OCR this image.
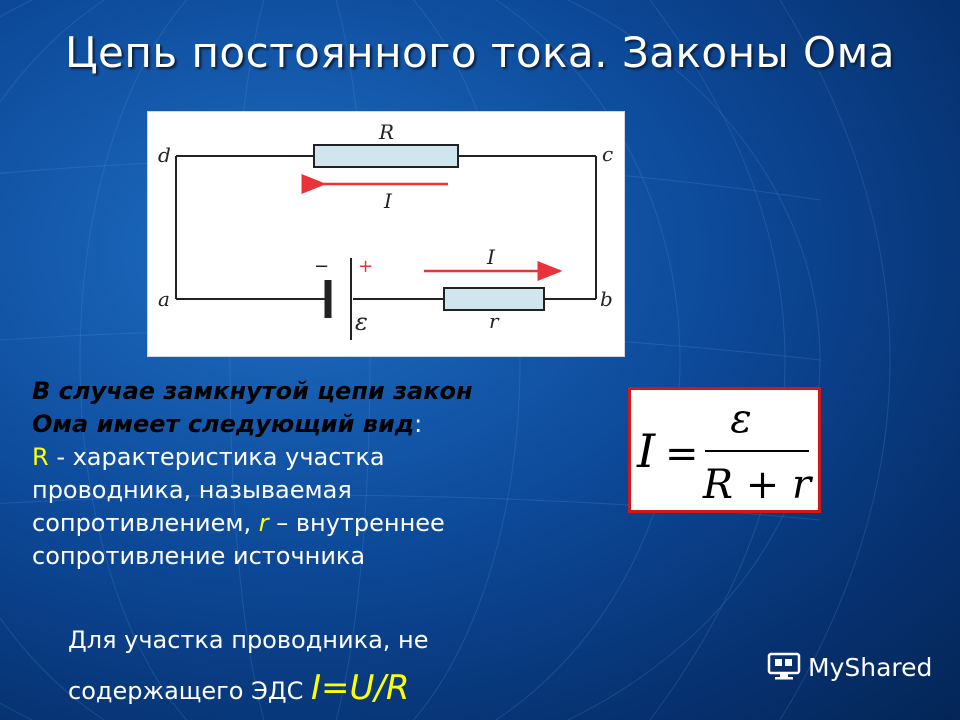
Цепь постоянного тока. Законы Ома
d	c
a	b
R
I
I
r
ε
− +
В случае замкнутой цепи закон
Ома имеет следующий вид:
R - характеристика участка
проводника, называемая
сопротивлением, r – внутреннее
сопротивление источника
I =
ε
R + r
Для участка проводника, не
содержащего ЭДС I=U/R
MyShared
